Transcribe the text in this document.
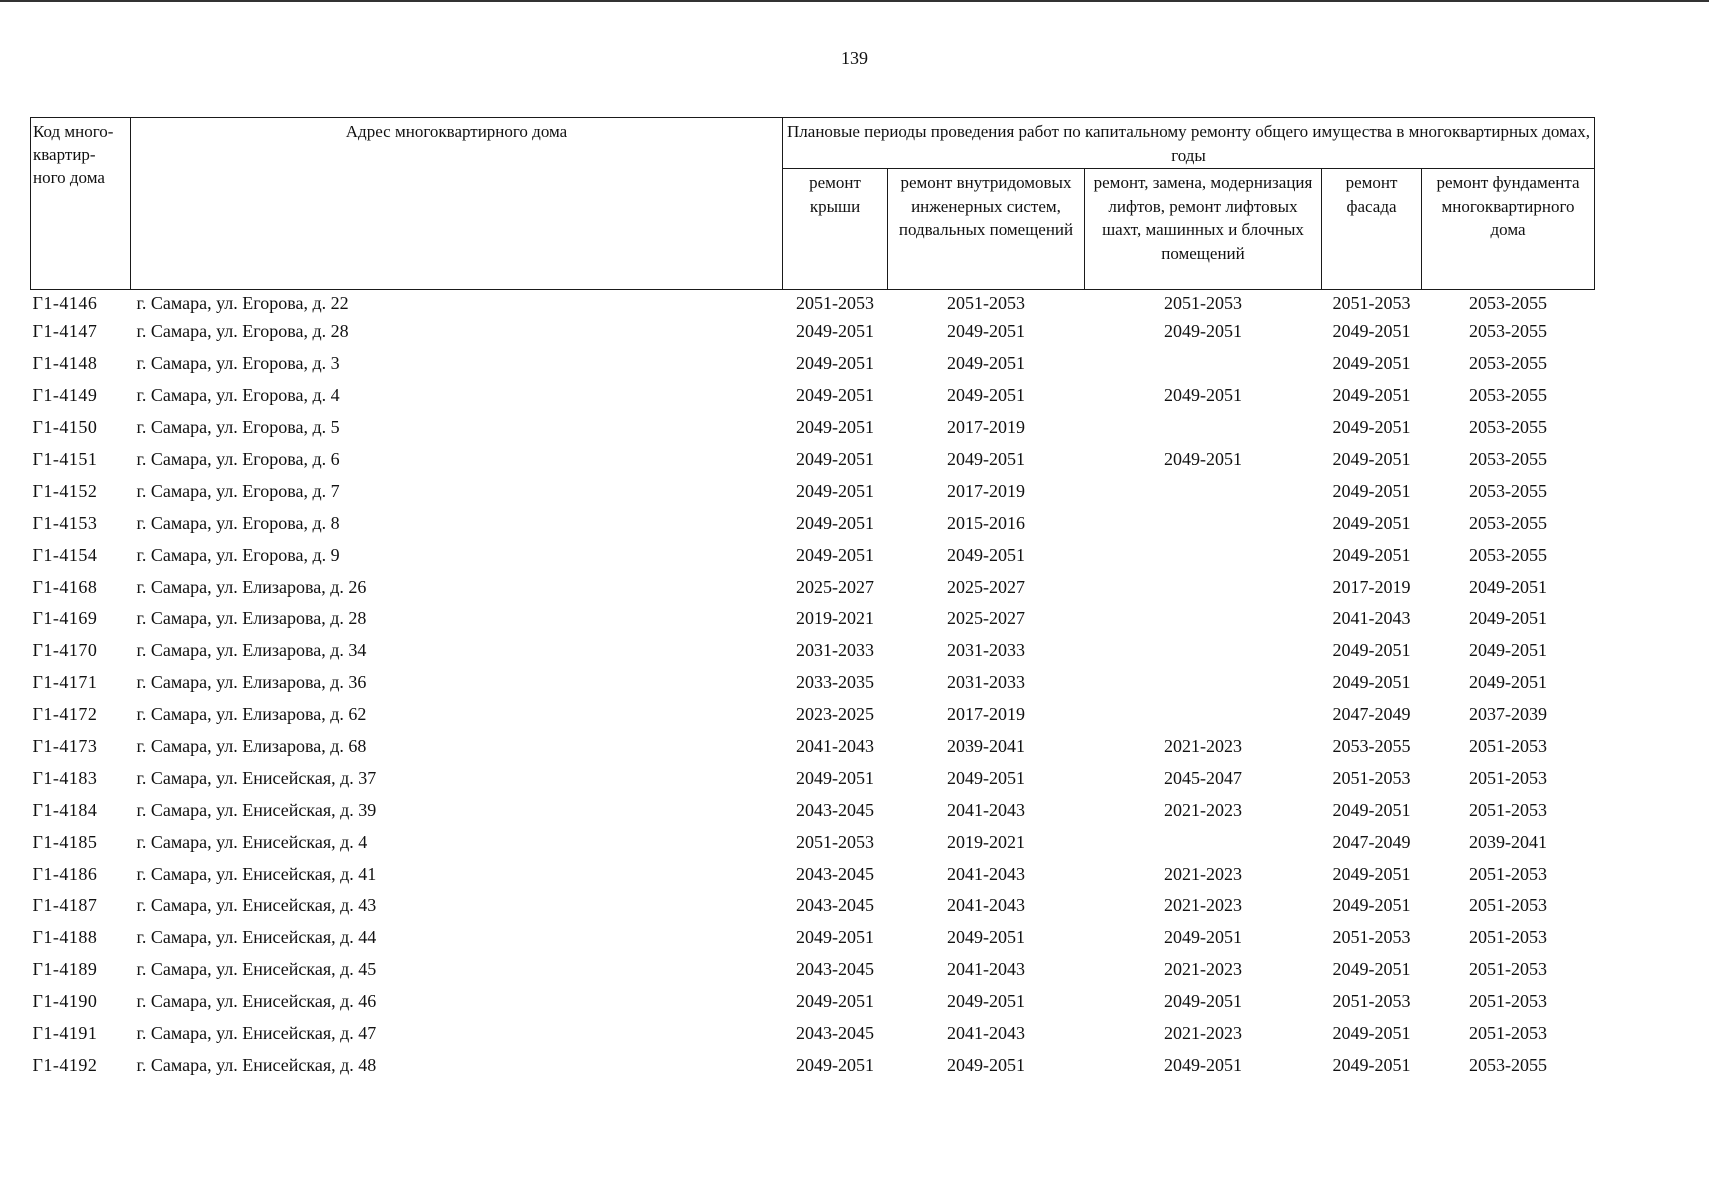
139
Код много-квартир-ного дома	Адрес многоквартирного дома	Плановые периоды проведения работ по капитальному ремонту общего имущества в многоквартирных домах, годы				
		ремонт крыши	ремонт внутридомовых инженерных систем, подвальных помещений	ремонт, замена, модернизация лифтов, ремонт лифтовых шахт, машинных и блочных помещений	ремонт фасада	ремонт фундамента многоквартирного дома
Г1-4146	г. Самара, ул. Егорова, д. 22	2051-2053	2051-2053	2051-2053	2051-2053	2053-2055
Г1-4147	г. Самара, ул. Егорова, д. 28	2049-2051	2049-2051	2049-2051	2049-2051	2053-2055
Г1-4148	г. Самара, ул. Егорова, д. 3	2049-2051	2049-2051		2049-2051	2053-2055
Г1-4149	г. Самара, ул. Егорова, д. 4	2049-2051	2049-2051	2049-2051	2049-2051	2053-2055
Г1-4150	г. Самара, ул. Егорова, д. 5	2049-2051	2017-2019		2049-2051	2053-2055
Г1-4151	г. Самара, ул. Егорова, д. 6	2049-2051	2049-2051	2049-2051	2049-2051	2053-2055
Г1-4152	г. Самара, ул. Егорова, д. 7	2049-2051	2017-2019		2049-2051	2053-2055
Г1-4153	г. Самара, ул. Егорова, д. 8	2049-2051	2015-2016		2049-2051	2053-2055
Г1-4154	г. Самара, ул. Егорова, д. 9	2049-2051	2049-2051		2049-2051	2053-2055
Г1-4168	г. Самара, ул. Елизарова, д. 26	2025-2027	2025-2027		2017-2019	2049-2051
Г1-4169	г. Самара, ул. Елизарова, д. 28	2019-2021	2025-2027		2041-2043	2049-2051
Г1-4170	г. Самара, ул. Елизарова, д. 34	2031-2033	2031-2033		2049-2051	2049-2051
Г1-4171	г. Самара, ул. Елизарова, д. 36	2033-2035	2031-2033		2049-2051	2049-2051
Г1-4172	г. Самара, ул. Елизарова, д. 62	2023-2025	2017-2019		2047-2049	2037-2039
Г1-4173	г. Самара, ул. Елизарова, д. 68	2041-2043	2039-2041	2021-2023	2053-2055	2051-2053
Г1-4183	г. Самара, ул. Енисейская, д. 37	2049-2051	2049-2051	2045-2047	2051-2053	2051-2053
Г1-4184	г. Самара, ул. Енисейская, д. 39	2043-2045	2041-2043	2021-2023	2049-2051	2051-2053
Г1-4185	г. Самара, ул. Енисейская, д. 4	2051-2053	2019-2021		2047-2049	2039-2041
Г1-4186	г. Самара, ул. Енисейская, д. 41	2043-2045	2041-2043	2021-2023	2049-2051	2051-2053
Г1-4187	г. Самара, ул. Енисейская, д. 43	2043-2045	2041-2043	2021-2023	2049-2051	2051-2053
Г1-4188	г. Самара, ул. Енисейская, д. 44	2049-2051	2049-2051	2049-2051	2051-2053	2051-2053
Г1-4189	г. Самара, ул. Енисейская, д. 45	2043-2045	2041-2043	2021-2023	2049-2051	2051-2053
Г1-4190	г. Самара, ул. Енисейская, д. 46	2049-2051	2049-2051	2049-2051	2051-2053	2051-2053
Г1-4191	г. Самара, ул. Енисейская, д. 47	2043-2045	2041-2043	2021-2023	2049-2051	2051-2053
Г1-4192	г. Самара, ул. Енисейская, д. 48	2049-2051	2049-2051	2049-2051	2049-2051	2053-2055
